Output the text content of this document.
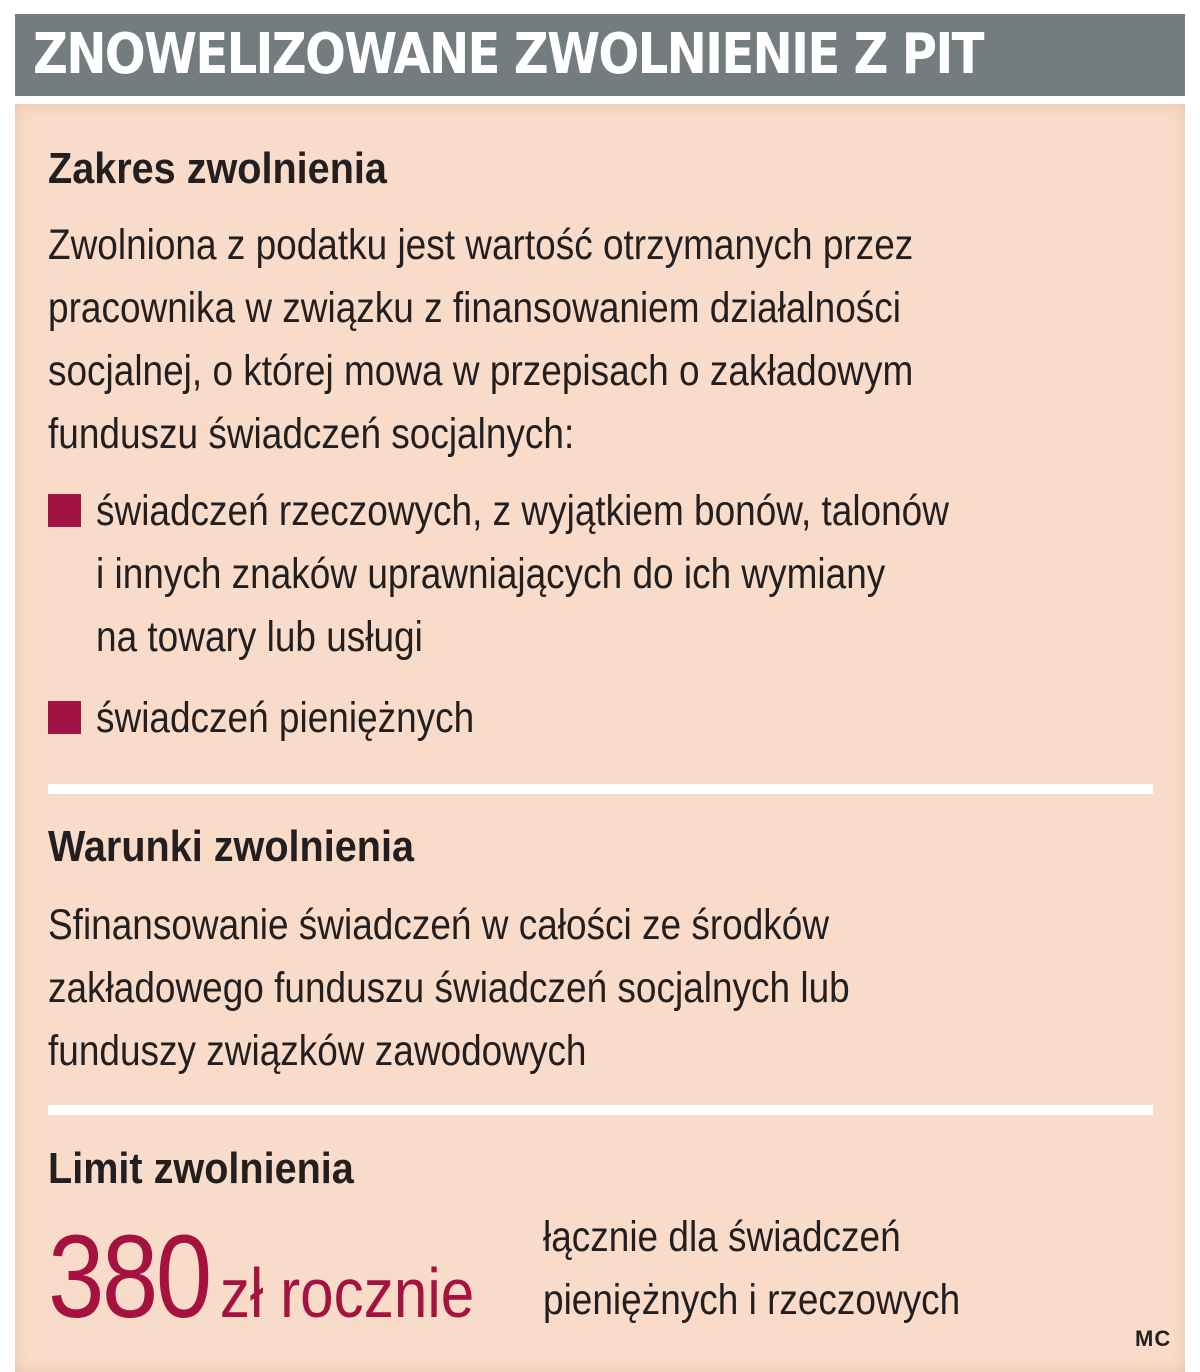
ZNOWELIZOWANE ZWOLNIENIE Z PIT
Zakres zwolnienia
Zwolniona z podatku jest wartość otrzymanych przez
pracownika w związku z finansowaniem działalności
socjalnej, o której mowa w przepisach o zakładowym
funduszu świadczeń socjalnych:
świadczeń rzeczowych, z wyjątkiem bonów, talonów
i innych znaków uprawniających do ich wymiany
na towary lub usługi
świadczeń pieniężnych
Warunki zwolnienia
Sfinansowanie świadczeń w całości ze środków
zakładowego funduszu świadczeń socjalnych lub
funduszy związków zawodowych
Limit zwolnienia
380 zł rocznie
łącznie dla świadczeń
pieniężnych i rzeczowych
MC
